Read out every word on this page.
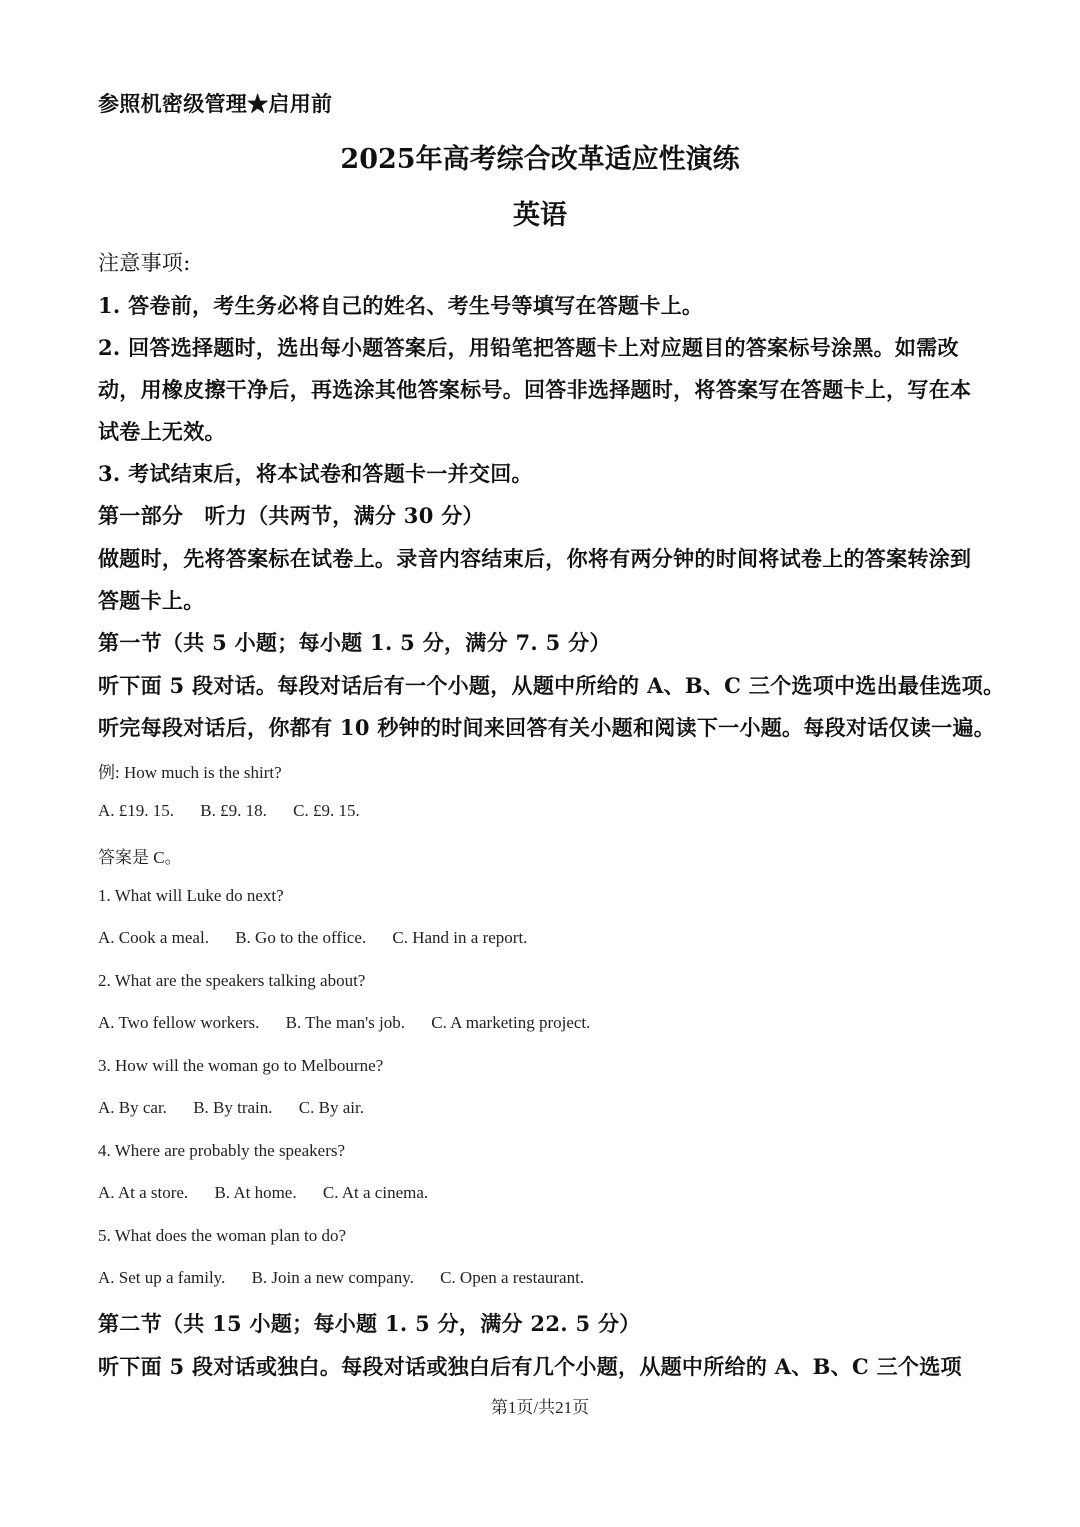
参照机密级管理★启用前
2025年高考综合改革适应性演练
英语
注意事项:
1. 答卷前，考生务必将自己的姓名、考生号等填写在答题卡上。
2. 回答选择题时，选出每小题答案后，用铅笔把答题卡上对应题目的答案标号涂黑。如需改
动，用橡皮擦干净后，再选涂其他答案标号。回答非选择题时，将答案写在答题卡上，写在本
试卷上无效。
3. 考试结束后，将本试卷和答题卡一并交回。
第一部分　听力（共两节，满分 30 分）
做题时，先将答案标在试卷上。录音内容结束后，你将有两分钟的时间将试卷上的答案转涂到
答题卡上。
第一节（共 5 小题；每小题 1. 5 分，满分 7. 5 分）
听下面 5 段对话。每段对话后有一个小题，从题中所给的 A、B、C 三个选项中选出最佳选项。
听完每段对话后，你都有 10 秒钟的时间来回答有关小题和阅读下一小题。每段对话仅读一遍。
例: How much is the shirt?
A. £19. 15. B. £9. 18. C. £9. 15.
答案是 C。
1. What will Luke do next?
A. Cook a meal. B. Go to the office. C. Hand in a report.
2. What are the speakers talking about?
A. Two fellow workers. B. The man's job. C. A marketing project.
3. How will the woman go to Melbourne?
A. By car. B. By train. C. By air.
4. Where are probably the speakers?
A. At a store. B. At home. C. At a cinema.
5. What does the woman plan to do?
A. Set up a family. B. Join a new company. C. Open a restaurant.
第二节（共 15 小题；每小题 1. 5 分，满分 22. 5 分）
听下面 5 段对话或独白。每段对话或独白后有几个小题，从题中所给的 A、B、C 三个选项
第1页/共21页
